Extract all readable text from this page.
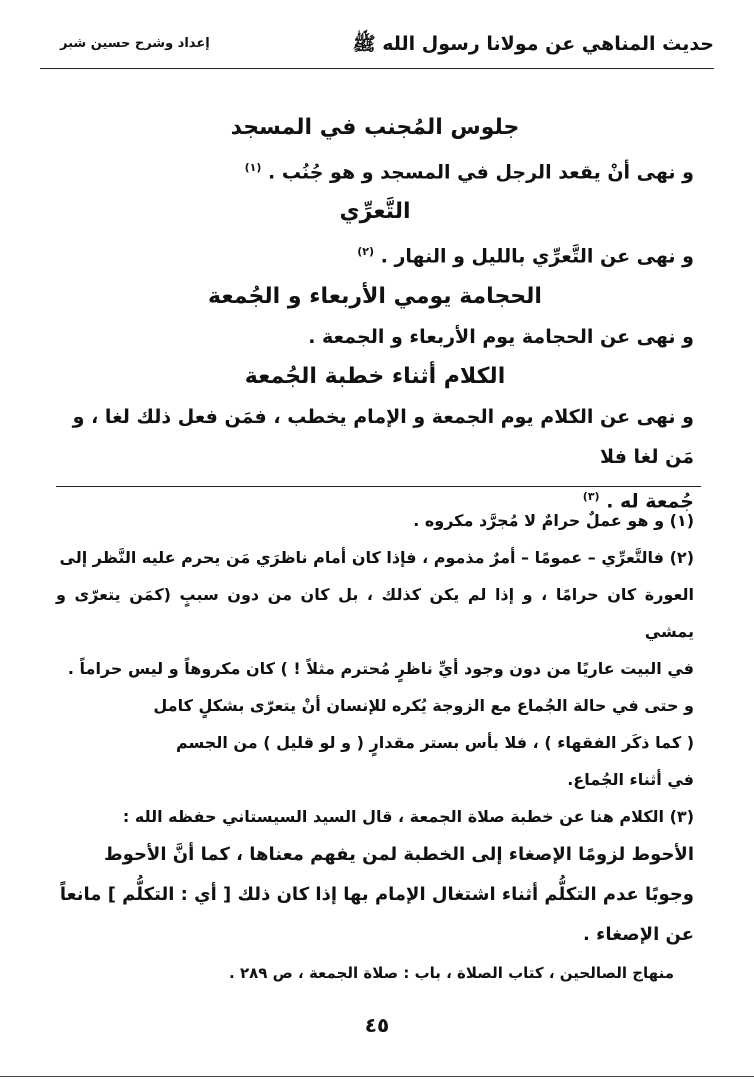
حديث المناهي عن مولانا رسول الله ﷺ
إعداد وشرح حسين شبر

جلوس المُجنب في المسجد

و نهى أنْ يقعد الرجل في المسجد و هو جُنُب . $^{(١)}$

التَّعرِّي

و نهى عن التَّعرِّي بالليل و النهار . $^{(٢)}$

الحجامة يومي الأربعاء و الجُمعة

و نهى عن الحجامة يوم الأربعاء و الجمعة .

الكلام أثناء خطبة الجُمعة

و نهى عن الكلام يوم الجمعة و الإمام يخطب ، فمَن فعل ذلك لغا ، و مَن لغا فلا

جُمعة له . $^{(٣)}$

(١) و هو عملٌ حرامٌ لا مُجرَّد مكروه .

(٢) فالتَّعرِّي – عمومًا – أمرٌ مذموم ، فإذا كان أمام ناظرَي مَن يحرم عليه النَّظر إلى

العورة كان حرامًا ، و إذا لم يكن كذلك ، بل كان من دون سببٍ (كمَن يتعرّى و يمشي

في البيت عاريًا من دون وجود أيِّ ناظرٍ مُحترم مثلاً ! ) كان مكروهاً و ليس حراماً .

و حتى في حالة الجُماع مع الزوجة يُكره للإنسان أنْ يتعرّى بشكلٍ كامل

( كما ذكَر الفقهاء ) ، فلا بأس بستر مقدارٍ ( و لو قليل ) من الجسم

في أثناء الجُماع.

(٣) الكلام هنا عن خطبة صلاة الجمعة ، قال السيد السيستاني حفظه الله :

الأحوط لزومًا الإصغاء إلى الخطبة لمن يفهم معناها ، كما أنَّ الأحوط

وجوبًا عدم التكلُّم أثناء اشتغال الإمام بها إذا كان ذلك [ أي : التكلُّم ] مانعاً

عن الإصغاء .

منهاج الصالحين ، كتاب الصلاة ، باب : صلاة الجمعة ، ص ٢٨٩ .

٤٥
